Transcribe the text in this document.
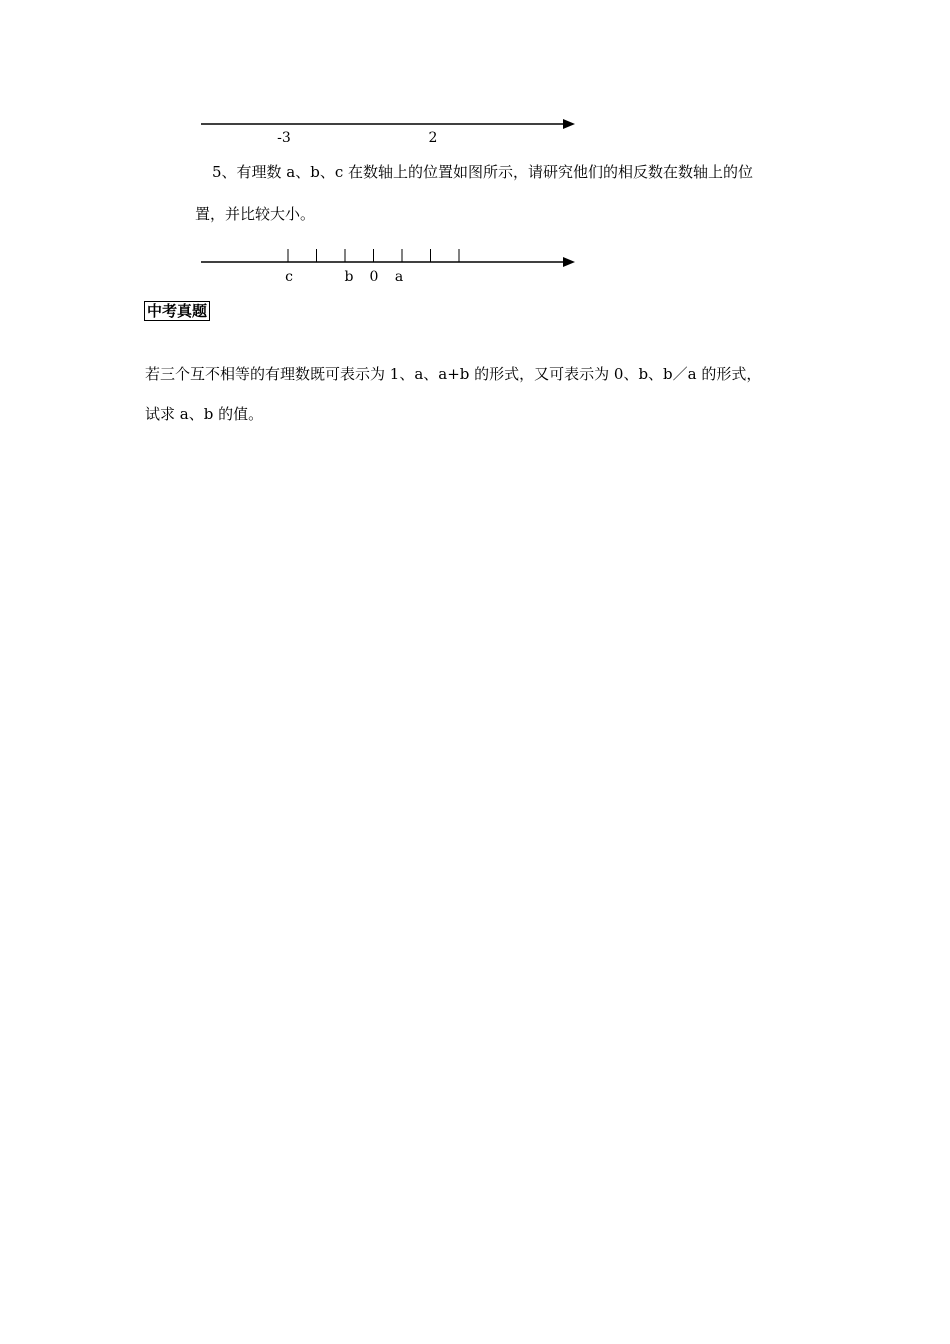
-3	2
5、有理数 a、b、c 在数轴上的位置如图所示，请研究他们的相反数在数轴上的位
置，并比较大小。
c	b 0 a
中考真题
若三个互不相等的有理数既可表示为 1、a、a+b 的形式，又可表示为 0、b、b／a 的形式，
试求 a、b 的值。
